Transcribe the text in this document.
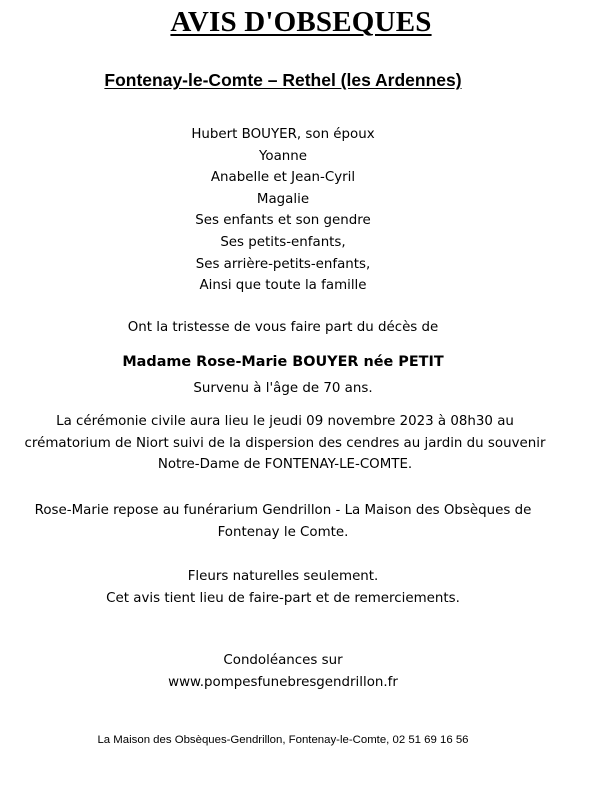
AVIS D'OBSEQUES
Fontenay-le-Comte – Rethel (les Ardennes)
Hubert BOUYER, son époux
Yoanne
Anabelle et Jean-Cyril
Magalie
Ses enfants et son gendre
Ses petits-enfants,
Ses arrière-petits-enfants,
Ainsi que toute la famille
Ont la tristesse de vous faire part du décès de
Madame Rose-Marie BOUYER née PETIT
Survenu à l'âge de 70 ans.
La cérémonie civile aura lieu le jeudi 09 novembre 2023 à 08h30 au
crématorium de Niort suivi de la dispersion des cendres au jardin du souvenir
Notre-Dame de FONTENAY-LE-COMTE.
Rose-Marie repose au funérarium Gendrillon - La Maison des Obsèques de
Fontenay le Comte.
Fleurs naturelles seulement.
Cet avis tient lieu de faire-part et de remerciements.
Condoléances sur
www.pompesfunebresgendrillon.fr
La Maison des Obsèques-Gendrillon, Fontenay-le-Comte, 02 51 69 16 56
